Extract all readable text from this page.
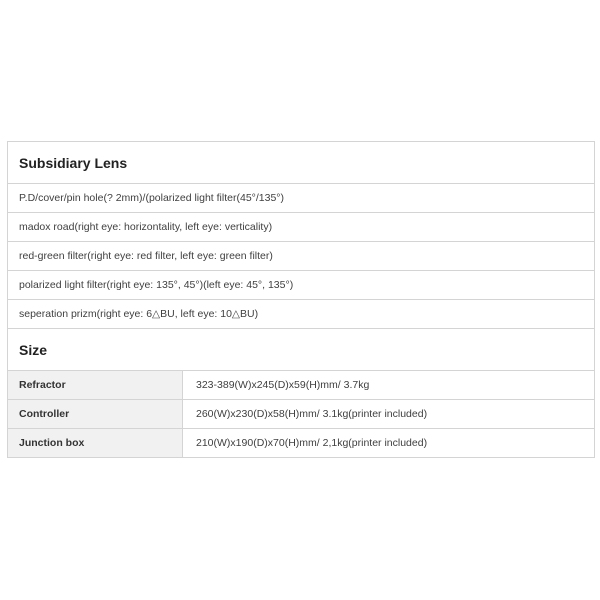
Subsidiary Lens	
P.D/cover/pin hole(? 2mm)/(polarized light filter(45°/135°)	
madox road(right eye: horizontality, left eye: verticality)	
red-green filter(right eye: red filter, left eye: green filter)	
polarized light filter(right eye: 135°, 45°)(left eye: 45°, 135°)	
seperation prizm(right eye: 6△BU, left eye: 10△BU)	
Size	
Refractor	323-389(W)x245(D)x59(H)mm/ 3.7kg
Controller	260(W)x230(D)x58(H)mm/ 3.1kg(printer included)
Junction box	210(W)x190(D)x70(H)mm/ 2,1kg(printer included)
